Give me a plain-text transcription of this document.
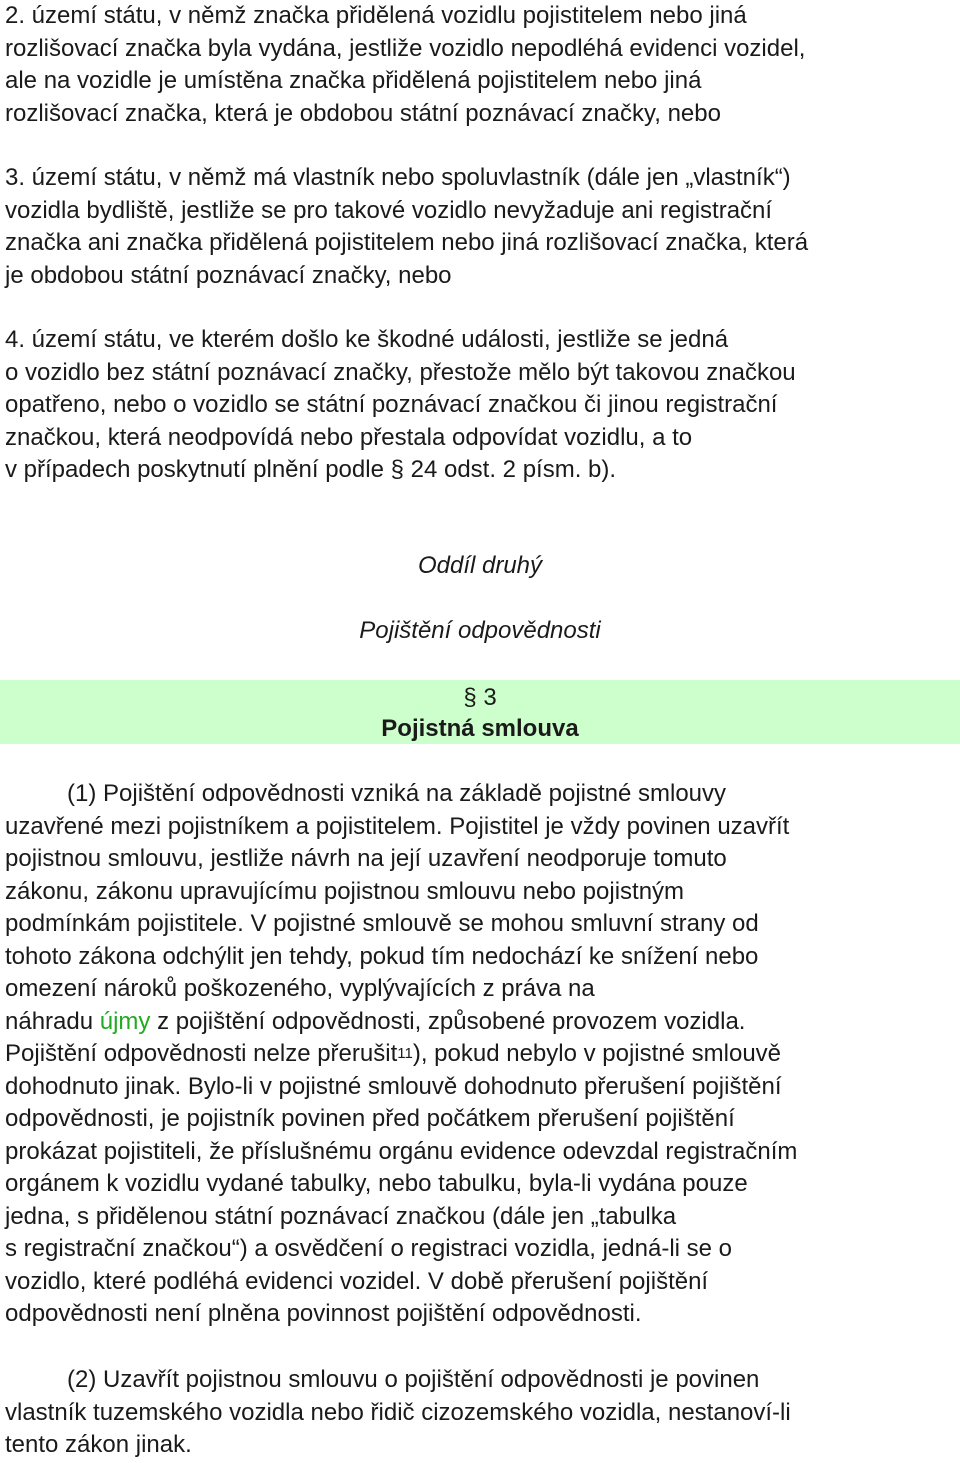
2. území státu, v němž značka přidělená vozidlu pojistitelem nebo jiná
rozlišovací značka byla vydána, jestliže vozidlo nepodléhá evidenci vozidel,
ale na vozidle je umístěna značka přidělená pojistitelem nebo jiná
rozlišovací značka, která je obdobou státní poznávací značky, nebo
3. území státu, v němž má vlastník nebo spoluvlastník (dále jen „vlastník“)
vozidla bydliště, jestliže se pro takové vozidlo nevyžaduje ani registrační
značka ani značka přidělená pojistitelem nebo jiná rozlišovací značka, která
je obdobou státní poznávací značky, nebo
4. území státu, ve kterém došlo ke škodné události, jestliže se jedná
o vozidlo bez státní poznávací značky, přestože mělo být takovou značkou
opatřeno, nebo o vozidlo se státní poznávací značkou či jinou registrační
značkou, která neodpovídá nebo přestala odpovídat vozidlu, a to
v případech poskytnutí plnění podle § 24 odst. 2 písm. b).
Oddíl druhý
Pojištění odpovědnosti
§ 3
Pojistná smlouva
(1) Pojištění odpovědnosti vzniká na základě pojistné smlouvy
uzavřené mezi pojistníkem a pojistitelem. Pojistitel je vždy povinen uzavřít
pojistnou smlouvu, jestliže návrh na její uzavření neodporuje tomuto
zákonu, zákonu upravujícímu pojistnou smlouvu nebo pojistným
podmínkám pojistitele. V pojistné smlouvě se mohou smluvní strany od
tohoto zákona odchýlit jen tehdy, pokud tím nedochází ke snížení nebo
omezení nároků poškozeného, vyplývajících z práva na
náhradu újmy z pojištění odpovědnosti, způsobené provozem vozidla.
Pojištění odpovědnosti nelze přerušit$^{11}$), pokud nebylo v pojistné smlouvě
dohodnuto jinak. Bylo-li v pojistné smlouvě dohodnuto přerušení pojištění
odpovědnosti, je pojistník povinen před počátkem přerušení pojištění
prokázat pojistiteli, že příslušnému orgánu evidence odevzdal registračním
orgánem k vozidlu vydané tabulky, nebo tabulku, byla-li vydána pouze
jedna, s přidělenou státní poznávací značkou (dále jen „tabulka
s registrační značkou“) a osvědčení o registraci vozidla, jedná-li se o
vozidlo, které podléhá evidenci vozidel. V době přerušení pojištění
odpovědnosti není plněna povinnost pojištění odpovědnosti.
(2) Uzavřít pojistnou smlouvu o pojištění odpovědnosti je povinen
vlastník tuzemského vozidla nebo řidič cizozemského vozidla, nestanoví-li
tento zákon jinak.
